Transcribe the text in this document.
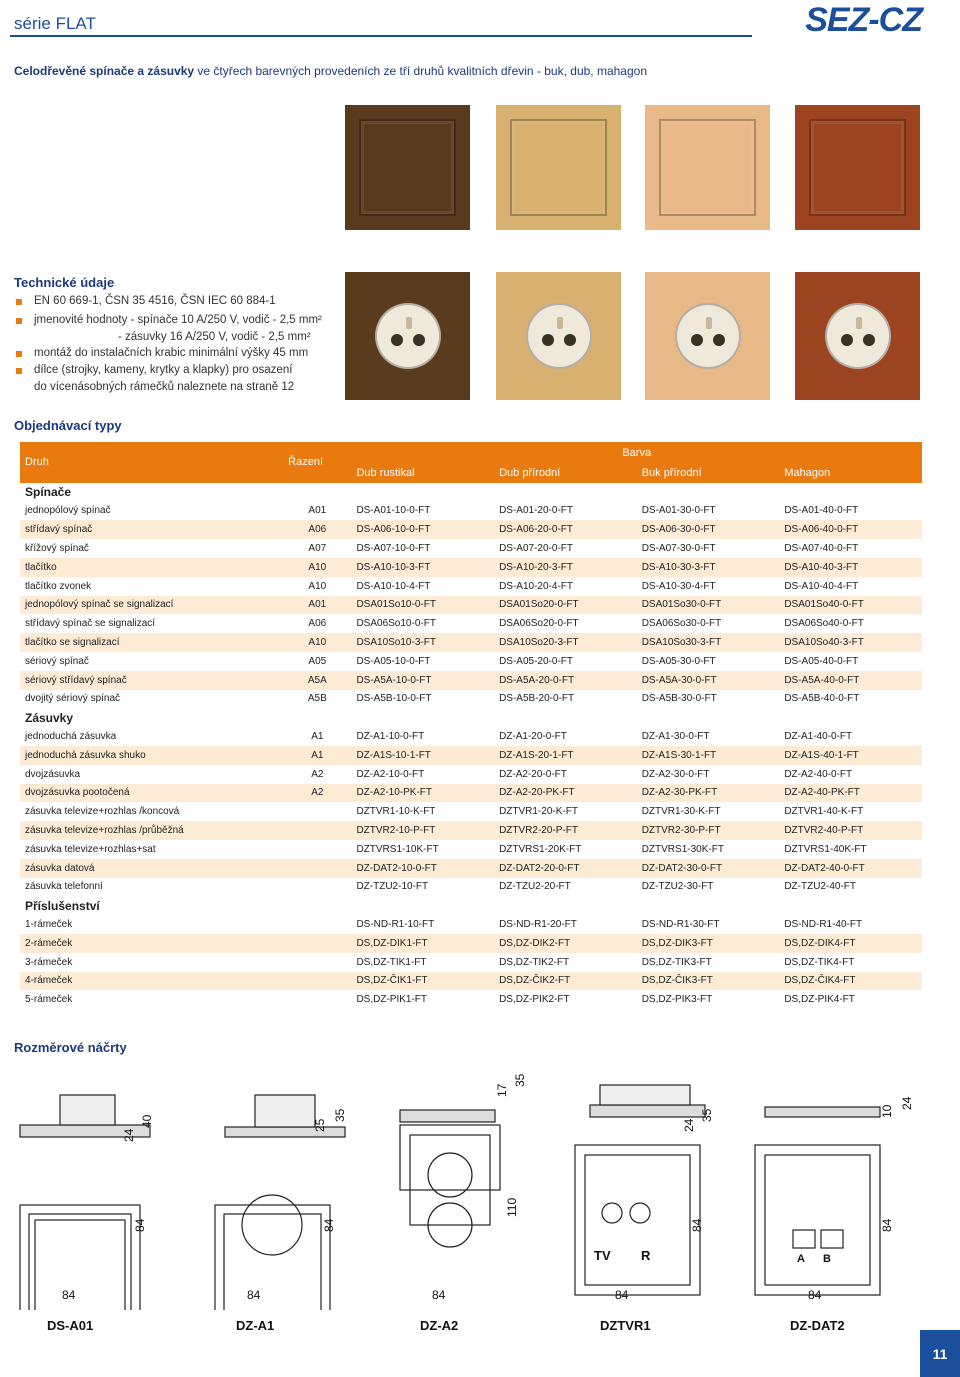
série FLAT	SEZ-CZ
Celodřevěné spínače a zásuvky ve čtyřech barevných provedeních ze tří druhů kvalitních dřevin - buk, dub, mahagon
Technické údaje
EN 60 669-1, ČSN 35 4516, ČSN IEC 60 884-1
jmenovité hodnoty - spínače 10 A/250 V, vodič - 2,5 mm²
- zásuvky 16 A/250 V, vodič - 2,5 mm²
montáž do instalačních krabic minimální výšky 45 mm
dílce (strojky, kameny, krytky a klapky) pro osazení
do vícenásobných rámečků naleznete na straně 12
Objednávací typy
Druh	Řazení	Barva			
		Dub rustikal	Dub přírodní	Buk přírodní	Mahagon
Spínače					
jednopólový spínač	A01	DS-A01-10-0-FT	DS-A01-20-0-FT	DS-A01-30-0-FT	DS-A01-40-0-FT
střídavý spínač	A06	DS-A06-10-0-FT	DS-A06-20-0-FT	DS-A06-30-0-FT	DS-A06-40-0-FT
křížový spínač	A07	DS-A07-10-0-FT	DS-A07-20-0-FT	DS-A07-30-0-FT	DS-A07-40-0-FT
tlačítko	A10	DS-A10-10-3-FT	DS-A10-20-3-FT	DS-A10-30-3-FT	DS-A10-40-3-FT
tlačítko zvonek	A10	DS-A10-10-4-FT	DS-A10-20-4-FT	DS-A10-30-4-FT	DS-A10-40-4-FT
jednopólový spínač se signalizací	A01	DSA01So10-0-FT	DSA01So20-0-FT	DSA01So30-0-FT	DSA01So40-0-FT
střídavý spínač se signalizací	A06	DSA06So10-0-FT	DSA06So20-0-FT	DSA06So30-0-FT	DSA06So40-0-FT
tlačítko se signalizací	A10	DSA10So10-3-FT	DSA10So20-3-FT	DSA10So30-3-FT	DSA10So40-3-FT
sériový spínač	A05	DS-A05-10-0-FT	DS-A05-20-0-FT	DS-A05-30-0-FT	DS-A05-40-0-FT
sériový střídavý spínač	A5A	DS-A5A-10-0-FT	DS-A5A-20-0-FT	DS-A5A-30-0-FT	DS-A5A-40-0-FT
dvojitý sériový spínač	A5B	DS-A5B-10-0-FT	DS-A5B-20-0-FT	DS-A5B-30-0-FT	DS-A5B-40-0-FT
Zásuvky					
jednoduchá zásuvka	A1	DZ-A1-10-0-FT	DZ-A1-20-0-FT	DZ-A1-30-0-FT	DZ-A1-40-0-FT
jednoduchá zásuvka shuko	A1	DZ-A1S-10-1-FT	DZ-A1S-20-1-FT	DZ-A1S-30-1-FT	DZ-A1S-40-1-FT
dvojzásuvka	A2	DZ-A2-10-0-FT	DZ-A2-20-0-FT	DZ-A2-30-0-FT	DZ-A2-40-0-FT
dvojzásuvka pootočená	A2	DZ-A2-10-PK-FT	DZ-A2-20-PK-FT	DZ-A2-30-PK-FT	DZ-A2-40-PK-FT
zásuvka televize+rozhlas /koncová		DZTVR1-10-K-FT	DZTVR1-20-K-FT	DZTVR1-30-K-FT	DZTVR1-40-K-FT
zásuvka televize+rozhlas /průběžná		DZTVR2-10-P-FT	DZTVR2-20-P-FT	DZTVR2-30-P-FT	DZTVR2-40-P-FT
zásuvka televize+rozhlas+sat		DZTVRS1-10K-FT	DZTVRS1-20K-FT	DZTVRS1-30K-FT	DZTVRS1-40K-FT
zásuvka datová		DZ-DAT2-10-0-FT	DZ-DAT2-20-0-FT	DZ-DAT2-30-0-FT	DZ-DAT2-40-0-FT
zásuvka telefonní		DZ-TZU2-10-FT	DZ-TZU2-20-FT	DZ-TZU2-30-FT	DZ-TZU2-40-FT
Příslušenství					
1-rámeček		DS-ND-R1-10-FT	DS-ND-R1-20-FT	DS-ND-R1-30-FT	DS-ND-R1-40-FT
2-rámeček		DS,DZ-DIK1-FT	DS,DZ-DIK2-FT	DS,DZ-DIK3-FT	DS,DZ-DIK4-FT
3-rámeček		DS,DZ-TIK1-FT	DS,DZ-TIK2-FT	DS,DZ-TIK3-FT	DS,DZ-TIK4-FT
4-rámeček		DS,DZ-ČIK1-FT	DS,DZ-ČIK2-FT	DS,DZ-ČIK3-FT	DS,DZ-ČIK4-FT
5-rámeček		DS,DZ-PIK1-FT	DS,DZ-PIK2-FT	DS,DZ-PIK3-FT	DS,DZ-PIK4-FT
Rozměrové náčrty
24
40
84
84
25
35
84
84
17
35
110
84
24
35
84
84
TV R
10
24
84
84
A B
DS-A01	DZ-A1	DZ-A2	DZTVR1	DZ-DAT2
11
